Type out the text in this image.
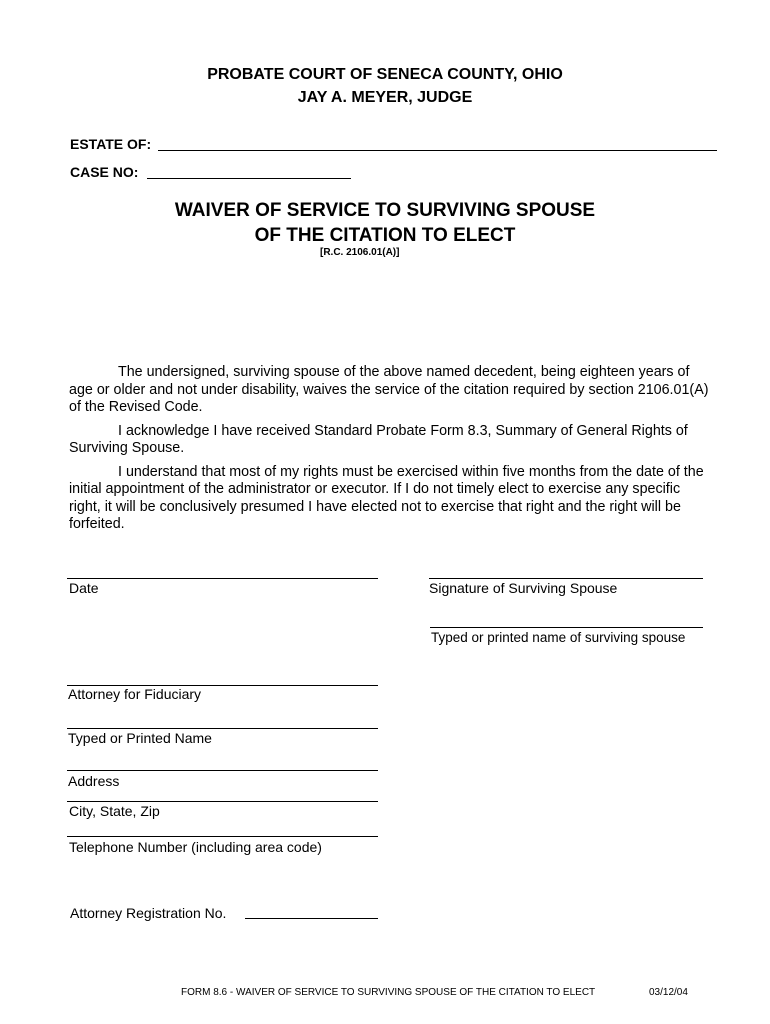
PROBATE COURT OF SENECA COUNTY, OHIO
JAY A. MEYER, JUDGE
ESTATE OF:
CASE NO:
WAIVER OF SERVICE TO SURVIVING SPOUSE
OF THE CITATION TO ELECT
[R.C. 2106.01(A)]

The undersigned, surviving spouse of the above named decedent, being eighteen years of age or older and not under disability, waives the service of the citation required by section 2106.01(A) of the Revised Code.

I acknowledge I have received Standard Probate Form 8.3, Summary of General Rights of Surviving Spouse.

I understand that most of my rights must be exercised within five months from the date of the initial appointment of the administrator or executor. If I do not timely elect to exercise any specific right, it will be conclusively presumed I have elected not to exercise that right and the right will be forfeited.

Date	Signature of Surviving Spouse
Typed or printed name of surviving spouse
Attorney for Fiduciary
Typed or Printed Name
Address
City, State, Zip
Telephone Number (including area code)
Attorney Registration No.
FORM 8.6 - WAIVER OF SERVICE TO SURVIVING SPOUSE OF THE CITATION TO ELECT	03/12/04
